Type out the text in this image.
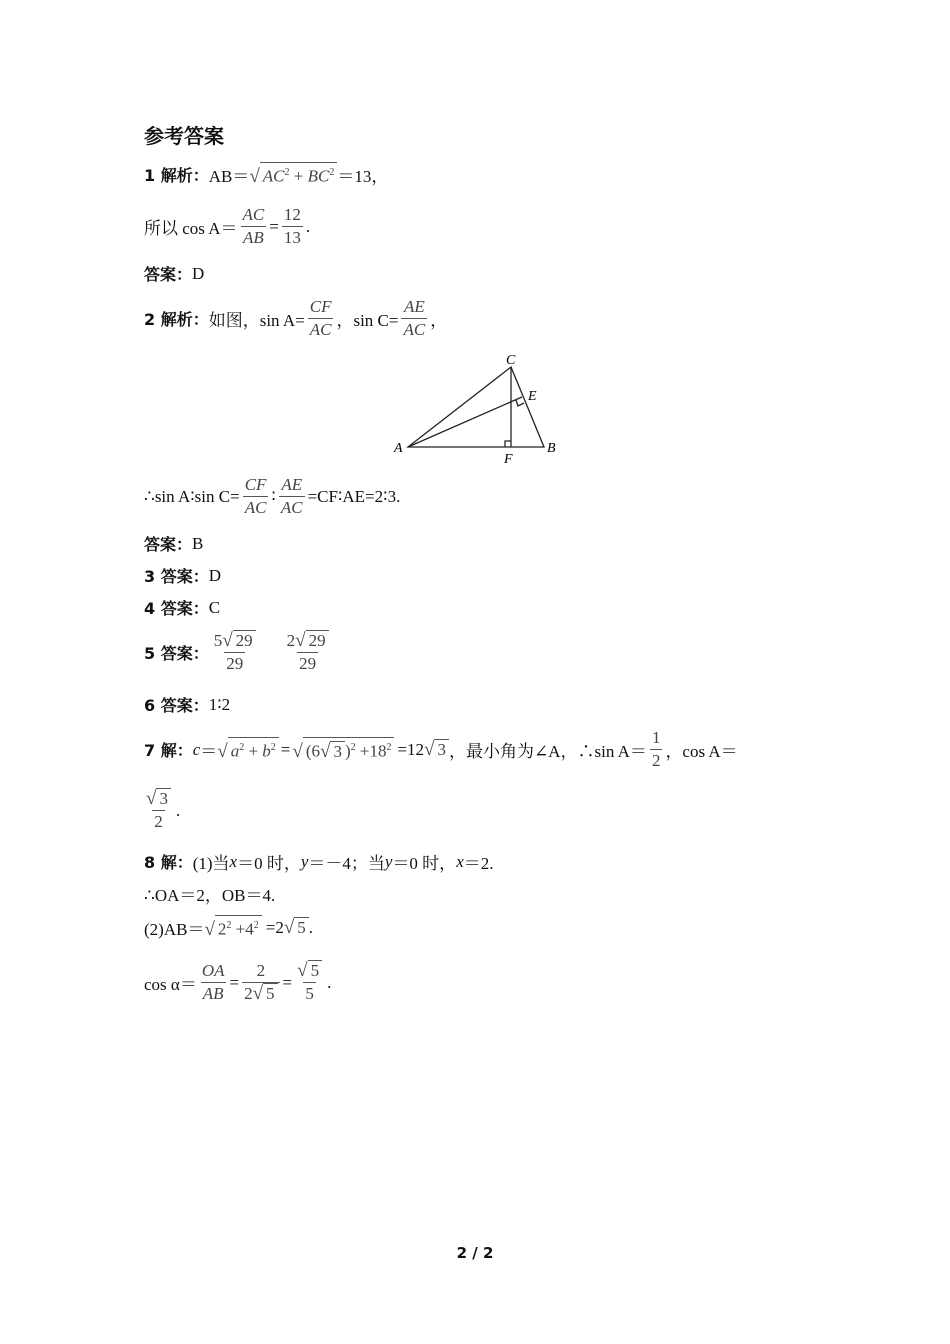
参考答案
1 解析： AB＝ √ $AC^2 + BC^2 =13$，
所以 $\cos A= \frac{AC}{AB} = \frac{12}{13}$ .
答案： D
2 解析： 如图，$\sin A= \frac{CF}{AC}$ ，$\sin C= \frac{AE}{AC}$ ，
C
E
A
F
B
∴sin A∶sin $C= \frac{CF}{AC}$ ∶ $\frac{AE}{AC}$ =CF∶AE=2∶3.
答案： B
3 答案： D
4 答案： C
5 答案： $\frac{5 √ 29}{29} \frac{2 √ 29}{29}$
6 答案： 1∶2
7 解： c ＝ √ $a^2 + b^2$ = √ (6 √ 3 )$^2 +18^2 =12$ √ 3 ，最小角为∠A，∴sin $A= \frac{1}{2}$ ，cos A＝
$\frac{√ 3}{2}$ .
8 解： (1)当 x ＝0 时， y ＝－4；当 y ＝0 时， x ＝2.
∴OA＝2，OB＝4.
(2)AB＝ √ $2^2 +4^2 =2$ √ 5 .
$\cos \alpha= \frac{OA}{AB} = \frac{2}{2 √ 5} = \frac{√ 5}{5}$ .
2 / 2
